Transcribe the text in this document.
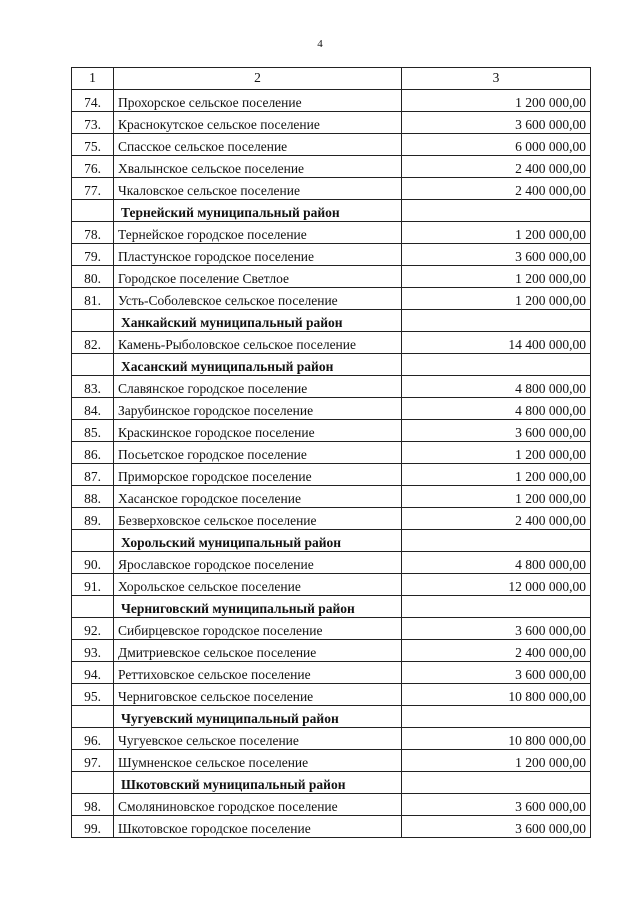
4
1	2	3
74.	Прохорское сельское поселение	1 200 000,00
73.	Краснокутское сельское поселение	3 600 000,00
75.	Спасское сельское поселение	6 000 000,00
76.	Хвалынское сельское поселение	2 400 000,00
77.	Чкаловское сельское поселение	2 400 000,00
	Тернейский муниципальный район	
78.	Тернейское городское поселение	1 200 000,00
79.	Пластунское городское поселение	3 600 000,00
80.	Городское поселение Светлое	1 200 000,00
81.	Усть-Соболевское сельское поселение	1 200 000,00
	Ханкайский муниципальный район	
82.	Камень-Рыболовское сельское поселение	14 400 000,00
	Хасанский муниципальный район	
83.	Славянское городское поселение	4 800 000,00
84.	Зарубинское городское поселение	4 800 000,00
85.	Краскинское городское поселение	3 600 000,00
86.	Посьетское городское поселение	1 200 000,00
87.	Приморское городское поселение	1 200 000,00
88.	Хасанское городское поселение	1 200 000,00
89.	Безверховское сельское поселение	2 400 000,00
	Хорольский муниципальный район	
90.	Ярославское городское поселение	4 800 000,00
91.	Хорольское сельское поселение	12 000 000,00
	Черниговский муниципальный район	
92.	Сибирцевское городское поселение	3 600 000,00
93.	Дмитриевское сельское поселение	2 400 000,00
94.	Реттиховское сельское поселение	3 600 000,00
95.	Черниговское сельское поселение	10 800 000,00
	Чугуевский муниципальный район	
96.	Чугуевское сельское поселение	10 800 000,00
97.	Шумненское сельское поселение	1 200 000,00
	Шкотовский муниципальный район	
98.	Смоляниновское городское поселение	3 600 000,00
99.	Шкотовское городское поселение	3 600 000,00
